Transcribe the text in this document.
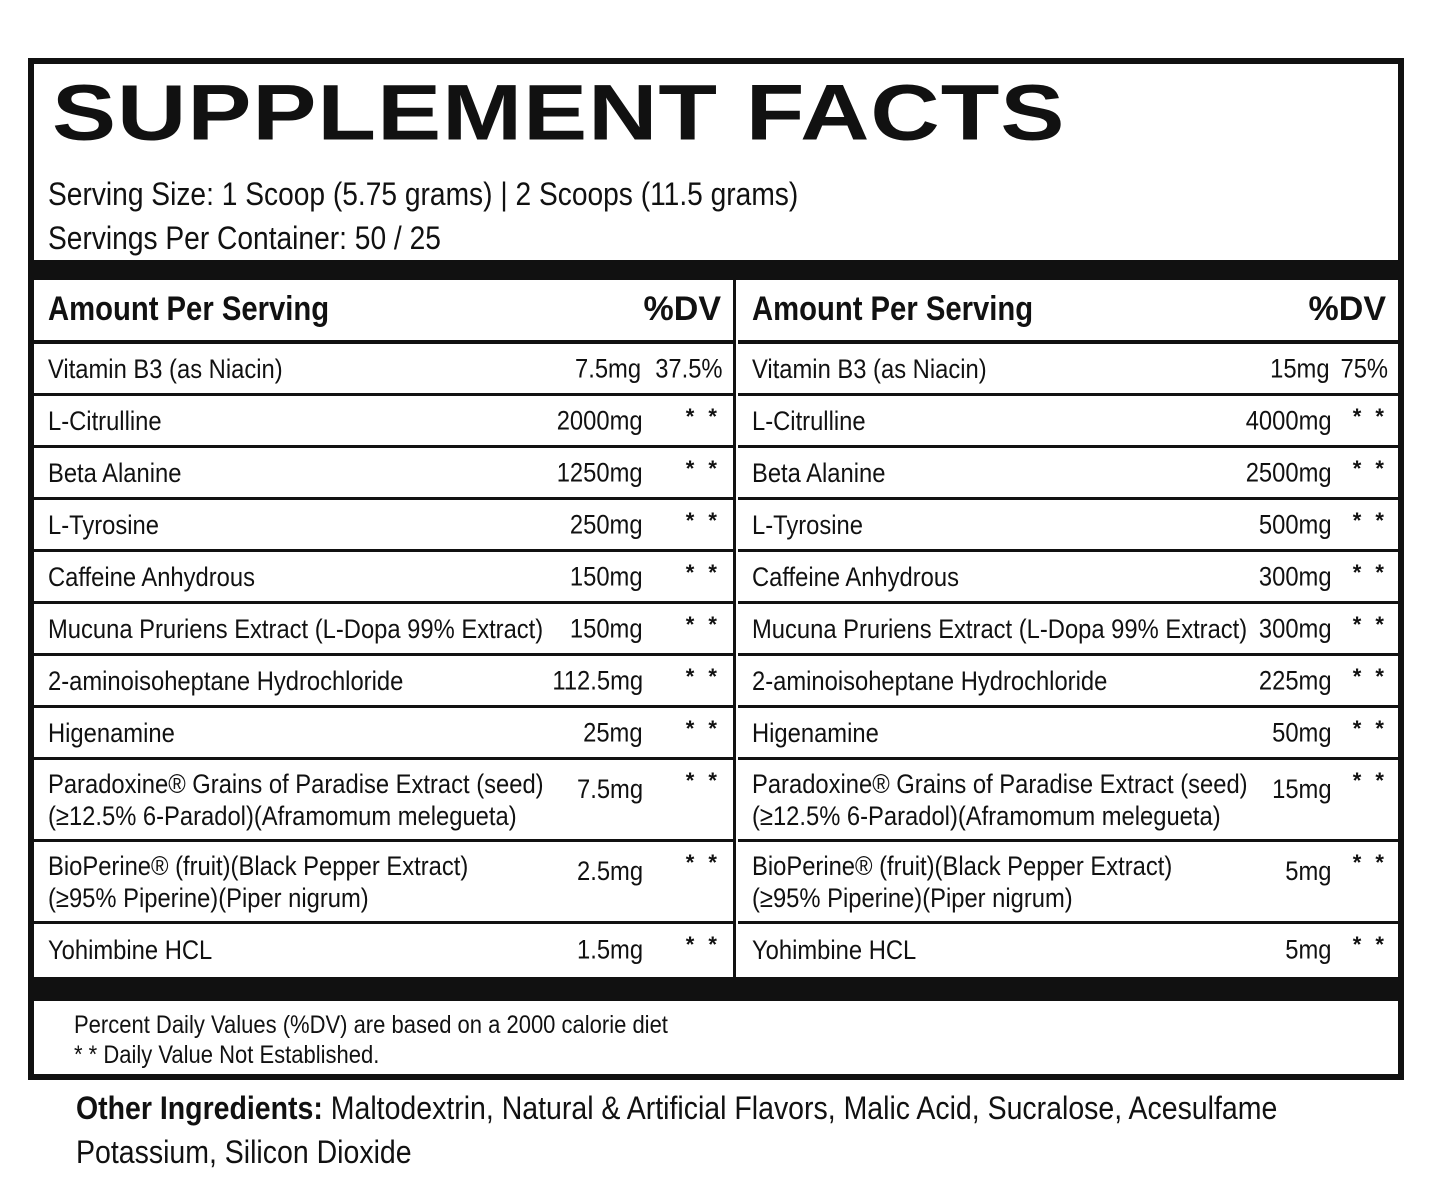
SUPPLEMENT FACTS
Serving Size: 1 Scoop (5.75 grams) | 2 Scoops (11.5 grams)
Servings Per Container: 50 / 25
Amount Per Serving	%DV
Vitamin B3 (as Niacin)	7.5mg 37.5%
L-Citrulline	2000mg * *
Beta Alanine	1250mg * *
L-Tyrosine	250mg * *
Caffeine Anhydrous	150mg * *
Mucuna Pruriens Extract (L-Dopa 99% Extract) 150mg * *
2-aminoisoheptane Hydrochloride	112.5mg * *
Higenamine	25mg * *
Paradoxine® Grains of Paradise Extract (seed)
(≥12.5% 6-Paradol)(Aframomum melegueta)
7.5mg * *
BioPerine® (fruit)(Black Pepper Extract)
(≥95% Piperine)(Piper nigrum)
2.5mg * *
Yohimbine HCL	1.5mg * *
Amount Per Serving	%DV
Vitamin B3 (as Niacin)	15mg 75%
L-Citrulline	4000mg * *
Beta Alanine	2500mg * *
L-Tyrosine	500mg * *
Caffeine Anhydrous	300mg * *
Mucuna Pruriens Extract (L-Dopa 99% Extract) 300mg * *
2-aminoisoheptane Hydrochloride	225mg * *
Higenamine	50mg * *
Paradoxine® Grains of Paradise Extract (seed)
(≥12.5% 6-Paradol)(Aframomum melegueta)
15mg * *
BioPerine® (fruit)(Black Pepper Extract)
(≥95% Piperine)(Piper nigrum)
5mg * *
Yohimbine HCL	5mg * *
Percent Daily Values (%DV) are based on a 2000 calorie diet
* * Daily Value Not Established.
Other Ingredients: Maltodextrin, Natural & Artificial Flavors, Malic Acid, Sucralose, Acesulfame Potassium, Silicon Dioxide
